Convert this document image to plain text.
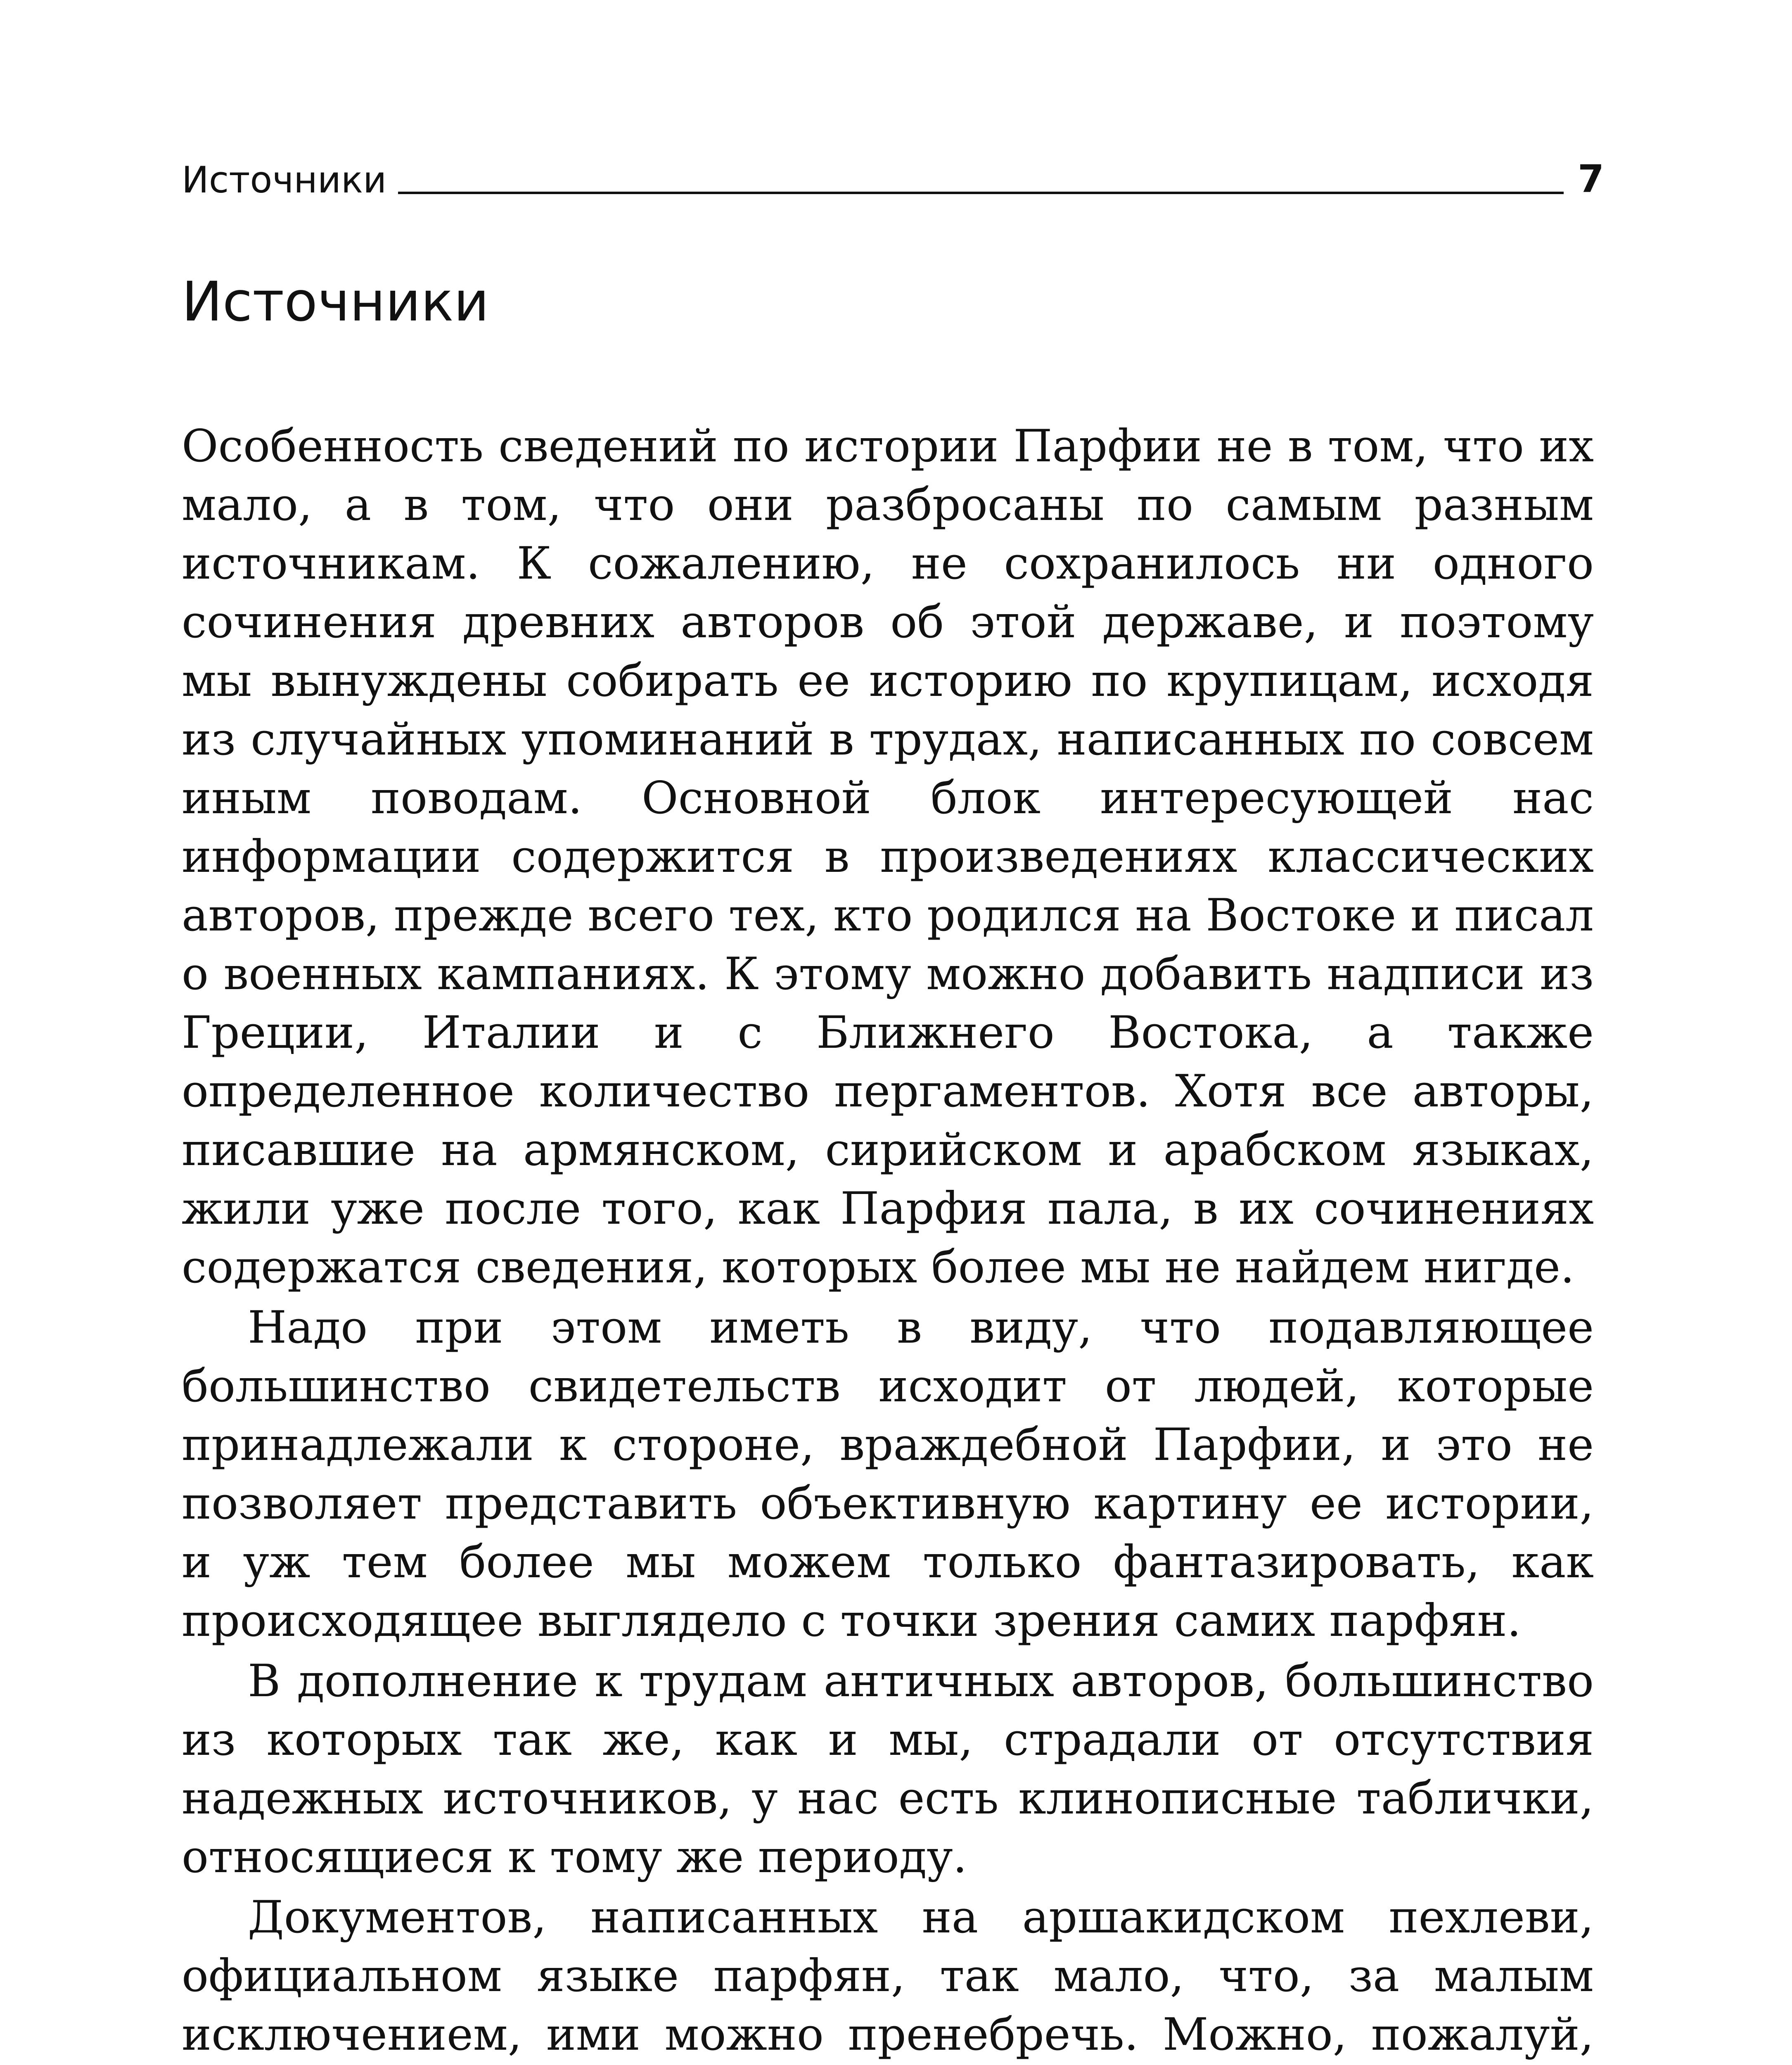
Источники	7
Источники

Особенность сведений по истории Парфии не в том, что их мало, а в том, что они разбросаны по самым разным источникам. К сожалению, не сохранилось ни одного сочинения древних авторов об этой державе, и поэтому мы вынуждены собирать ее историю по крупицам, исходя из случайных упоминаний в трудах, написанных по совсем иным поводам. Основной блок интересующей нас информации содержится в произведениях классических авторов, прежде всего тех, кто родился на Востоке и писал о военных кампаниях. К этому можно добавить надписи из Греции, Италии и с Ближнего Востока, а также определенное количество пергаментов. Хотя все авторы, писавшие на армянском, сирийском и арабском языках, жили уже после того, как Парфия пала, в их сочинениях содержатся сведения, которых более мы не найдем нигде.

Надо при этом иметь в виду, что подавляющее большинство свидетельств исходит от людей, которые принадлежали к стороне, враждебной Парфии, и это не позволяет представить объективную картину ее истории, и уж тем более мы можем только фантазировать, как происходящее выглядело с точки зрения самих парфян.

В дополнение к трудам античных авторов, большинство из которых так же, как и мы, страдали от отсутствия надежных источников, у нас есть клинописные таблички, относящиеся к тому же периоду.

Документов, написанных на аршакидском пехлеви, официальном языке парфян, так мало, что, за малым исключением, ими можно пренебречь. Можно, пожалуй,
